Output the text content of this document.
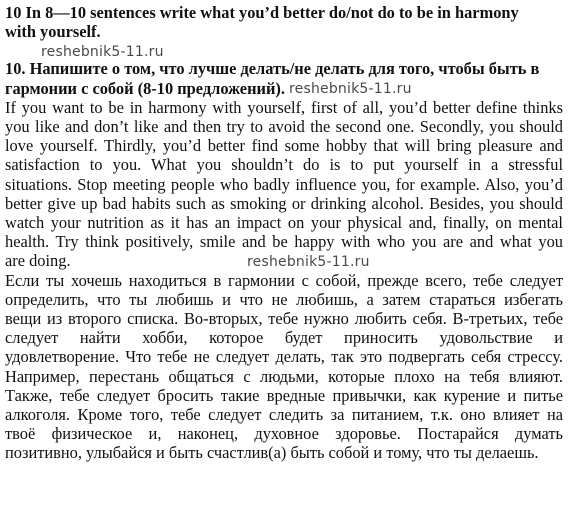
10 In 8—10 sentences write what you’d better do/not do to be in harmony

with yourself.

10. Напишите о том, что лучше делать/не делать для того, чтобы быть в

гармонии с собой (8-10 предложений).

If you want to be in harmony with yourself, first of all, you’d better define thinks

you like and don’t like and then try to avoid the second one. Secondly, you should

love yourself. Thirdly, you’d better find some hobby that will bring pleasure and

satisfaction to you. What you shouldn’t do is to put yourself in a stressful

situations. Stop meeting people who badly influence you, for example. Also, you’d

better give up bad habits such as smoking or drinking alcohol. Besides, you should

watch your nutrition as it has an impact on your physical and, finally, on mental

health. Try think positively, smile and be happy with who you are and what you

are doing.

Если ты хочешь находиться в гармонии с собой, прежде всего, тебе следует

определить, что ты любишь и что не любишь, а затем стараться избегать

вещи из второго списка. Во-вторых, тебе нужно любить себя. В-третьих, тебе

следует найти хобби, которое будет приносить удовольствие и

удовлетворение. Что тебе не следует делать, так это подвергать себя стрессу.

Например, перестань общаться с людьми, которые плохо на тебя влияют.

Также, тебе следует бросить такие вредные привычки, как курение и питье

алкоголя. Кроме того, тебе следует следить за питанием, т.к. оно влияет на

твоё физическое и, наконец, духовное здоровье. Постарайся думать

позитивно, улыбайся и быть счастлив(а) быть собой и тому, что ты делаешь.

reshebnik5-11.ru
reshebnik5-11.ru
reshebnik5-11.ru
